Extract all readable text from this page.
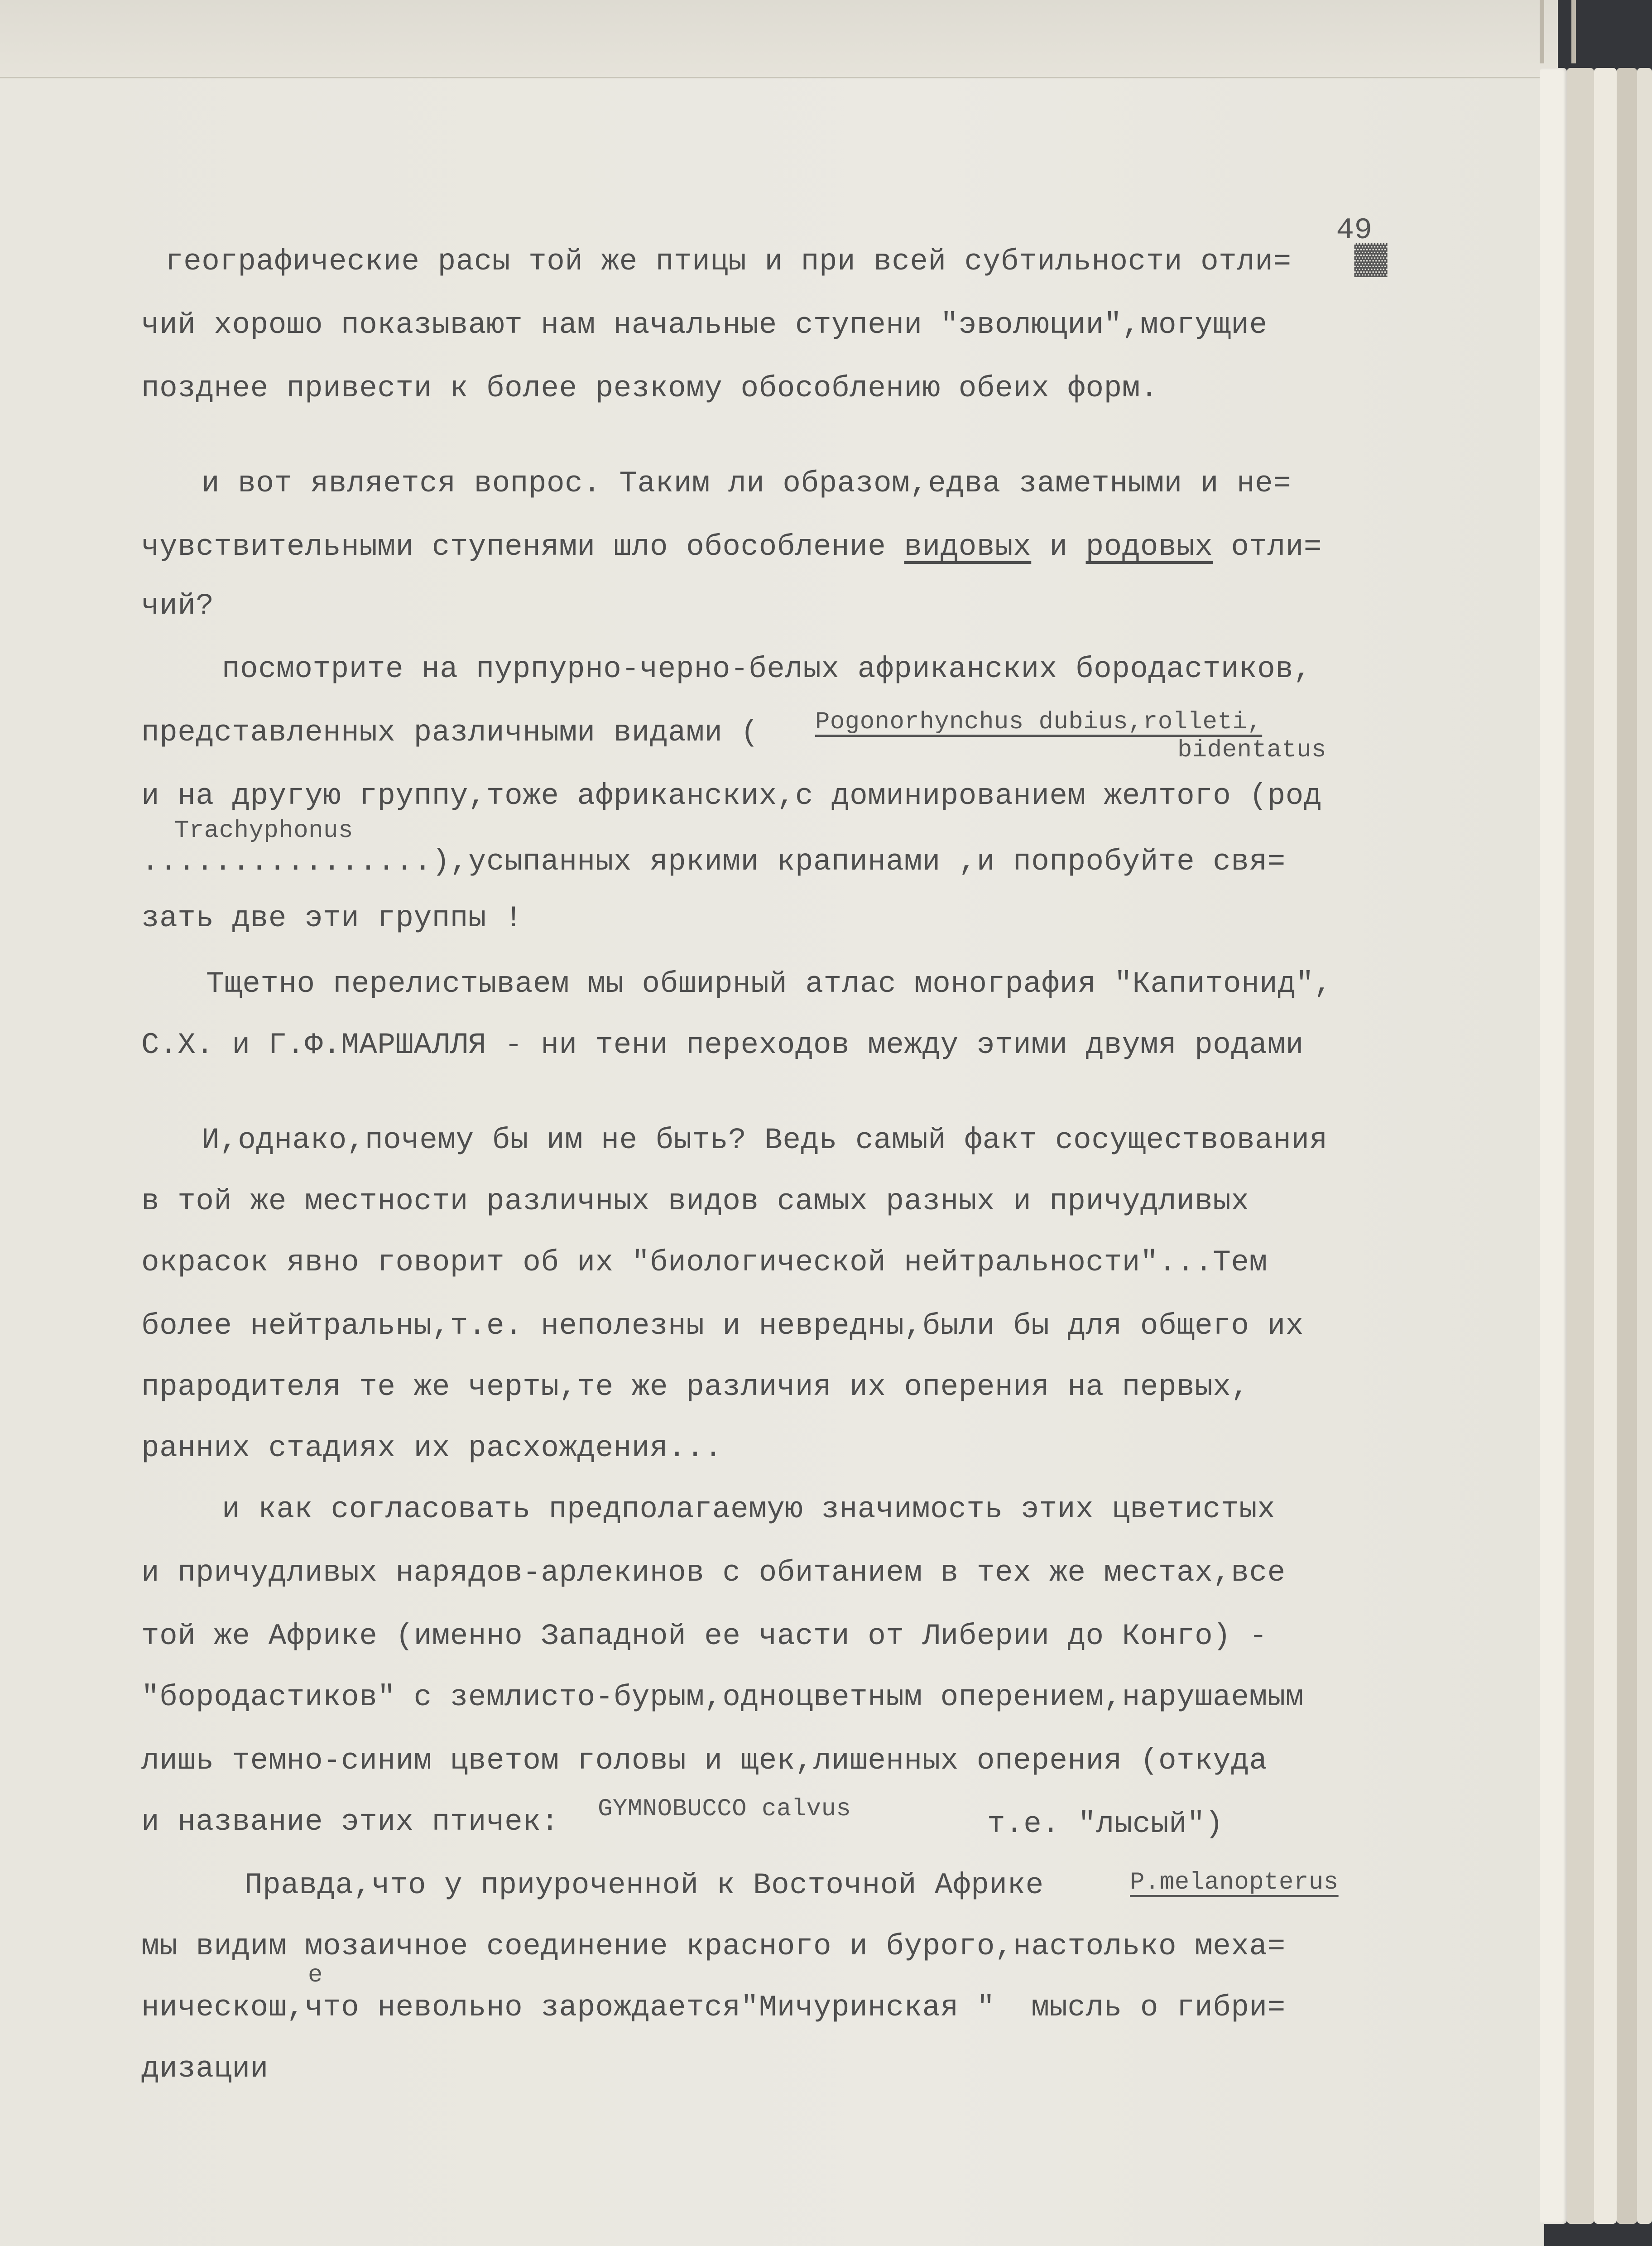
49
▓▓

географические расы той же птицы и при всей субтильности отли=

чий хорошо показывают нам начальные ступени "эволюции",могущие

позднее привести к более резкому обособлению обеих форм.

и вот является вопрос. Таким ли образом,едва заметными и не=

чувствительными ступенями шло обособление видовых и родовых отли=

чий?

посмотрите на пурпурно-черно-белых африканских бородастиков,

представленных различными видами ( Pogonorhynchus dubius,rolleti,

bidentatus

и на другую группу,тоже африканских,с доминированием желтого (род

Trachyphonus

................),усыпанных яркими крапинами ,и попробуйте свя=

зать две эти группы !

Тщетно перелистываем мы обширный атлас монография "Капитонид",

С.Х. и Г.Ф.МАРШАЛЛЯ - ни тени переходов между этими двумя родами

И,однако,почему бы им не быть? Ведь самый факт сосуществования

в той же местности различных видов самых разных и причудливых

окрасок явно говорит об их "биологической нейтральности"...Тем

более нейтральны,т.е. неполезны и невредны,были бы для общего их

прародителя те же черты,те же различия их оперения на первых,

ранних стадиях их расхождения...

и как согласовать предполагаемую значимость этих цветистых

и причудливых нарядов-арлекинов с обитанием в тех же местах,все

той же Африке (именно Западной ее части от Либерии до Конго) -

"бородастиков" с землисто-бурым,одноцветным оперением,нарушаемым

лишь темно-синим цветом головы и щек,лишенных оперения (откуда

и название этих птичек: GYMNOBUCCO calvus	т.е. "лысый")

Правда,что у приуроченной к Восточной Африке	P.melanopterus

мы видим мозаичное соединение красного и бурого,настолько меха=

е

ническош,что невольно зарождается"Мичуринская "  мысль о гибри=

дизации
